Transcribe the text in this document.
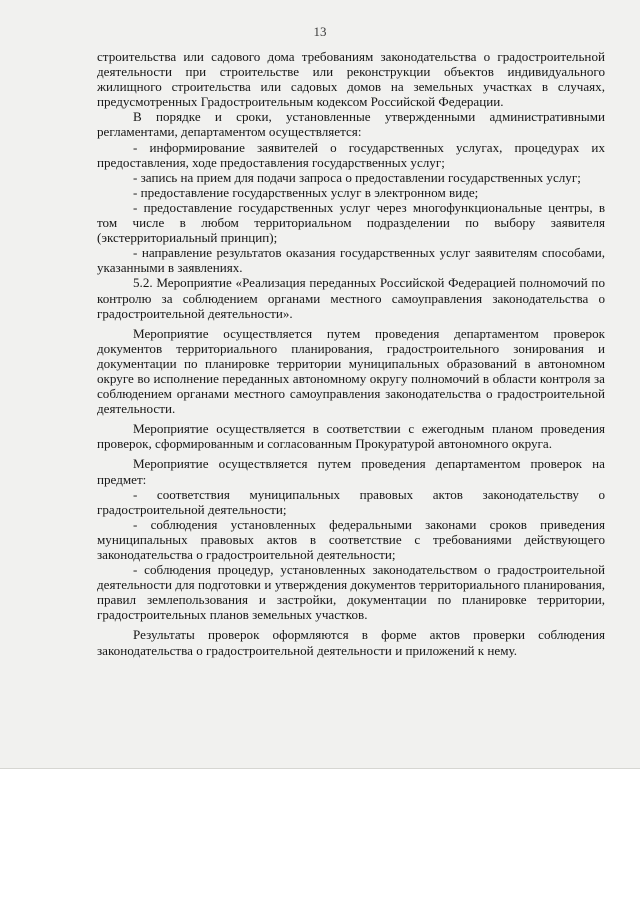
13

строительства или садового дома требованиям законодательства о градостроительной деятельности при строительстве или реконструкции объектов индивидуального жилищного строительства или садовых домов на земельных участках в случаях, предусмотренных Градостроительным кодексом Российской Федерации.

В порядке и сроки, установленные утвержденными административными регламентами, департаментом осуществляется:

- информирование заявителей о государственных услугах, процедурах их предоставления, ходе предоставления государственных услуг;

- запись на прием для подачи запроса о предоставлении государственных услуг;

- предоставление государственных услуг в электронном виде;

- предоставление государственных услуг через многофункциональные центры, в том числе в любом территориальном подразделении по выбору заявителя (экстерриториальный принцип);

- направление результатов оказания государственных услуг заявителям способами, указанными в заявлениях.

5.2. Мероприятие «Реализация переданных Российской Федерацией полномочий по контролю за соблюдением органами местного самоуправления законодательства о градостроительной деятельности».

Мероприятие осуществляется путем проведения департаментом проверок документов территориального планирования, градостроительного зонирования и документации по планировке территории муниципальных образований в автономном округе во исполнение переданных автономному округу полномочий в области контроля за соблюдением органами местного самоуправления законодательства о градостроительной деятельности.

Мероприятие осуществляется в соответствии с ежегодным планом проведения проверок, сформированным и согласованным Прокуратурой автономного округа.

Мероприятие осуществляется путем проведения департаментом проверок на предмет:

- соответствия муниципальных правовых актов законодательству о градостроительной деятельности;

- соблюдения установленных федеральными законами сроков приведения муниципальных правовых актов в соответствие с требованиями действующего законодательства о градостроительной деятельности;

- соблюдения процедур, установленных законодательством о градостроительной деятельности для подготовки и утверждения документов территориального планирования, правил землепользования и застройки, документации по планировке территории, градостроительных планов земельных участков.

Результаты проверок оформляются в форме актов проверки соблюдения законодательства о градостроительной деятельности и приложений к нему.
